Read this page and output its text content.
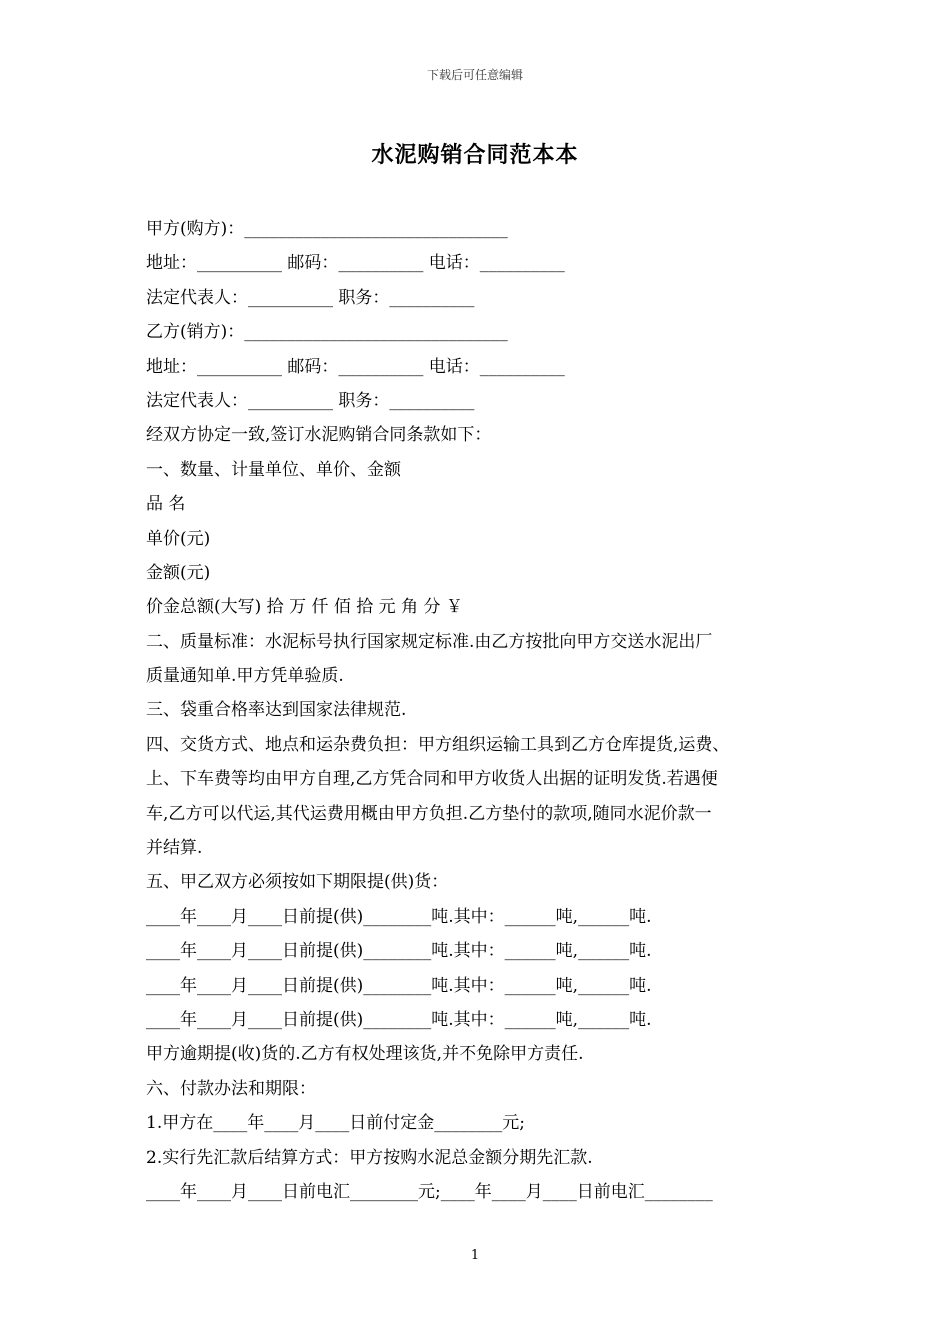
下载后可任意编辑
水泥购销合同范本本
甲方(购方)：_______________________________
地址：__________ 邮码：__________ 电话：__________
法定代表人：__________ 职务：__________
乙方(销方)：_______________________________
地址：__________ 邮码：__________ 电话：__________
法定代表人：__________ 职务：__________
经双方协定一致,签订水泥购销合同条款如下：
一、数量、计量单位、单价、金额
品 名
单价(元)
金额(元)
价金总额(大写) 拾 万 仟 佰 拾 元 角 分 ￥
二、质量标准：水泥标号执行国家规定标准.由乙方按批向甲方交送水泥出厂
质量通知单.甲方凭单验质.
三、袋重合格率达到国家法律规范.
四、交货方式、地点和运杂费负担：甲方组织运输工具到乙方仓库提货,运费、
上、下车费等均由甲方自理,乙方凭合同和甲方收货人出据的证明发货.若遇便
车,乙方可以代运,其代运费用概由甲方负担.乙方垫付的款项,随同水泥价款一
并结算.
五、甲乙双方必须按如下期限提(供)货：
____年____月____日前提(供)________吨.其中：______吨,______吨.
____年____月____日前提(供)________吨.其中：______吨,______吨.
____年____月____日前提(供)________吨.其中：______吨,______吨.
____年____月____日前提(供)________吨.其中：______吨,______吨.
甲方逾期提(收)货的.乙方有权处理该货,并不免除甲方责任.
六、付款办法和期限：
1.甲方在____年____月____日前付定金________元;
2.实行先汇款后结算方式：甲方按购水泥总金额分期先汇款.
____年____月____日前电汇________元;____年____月____日前电汇________
1
